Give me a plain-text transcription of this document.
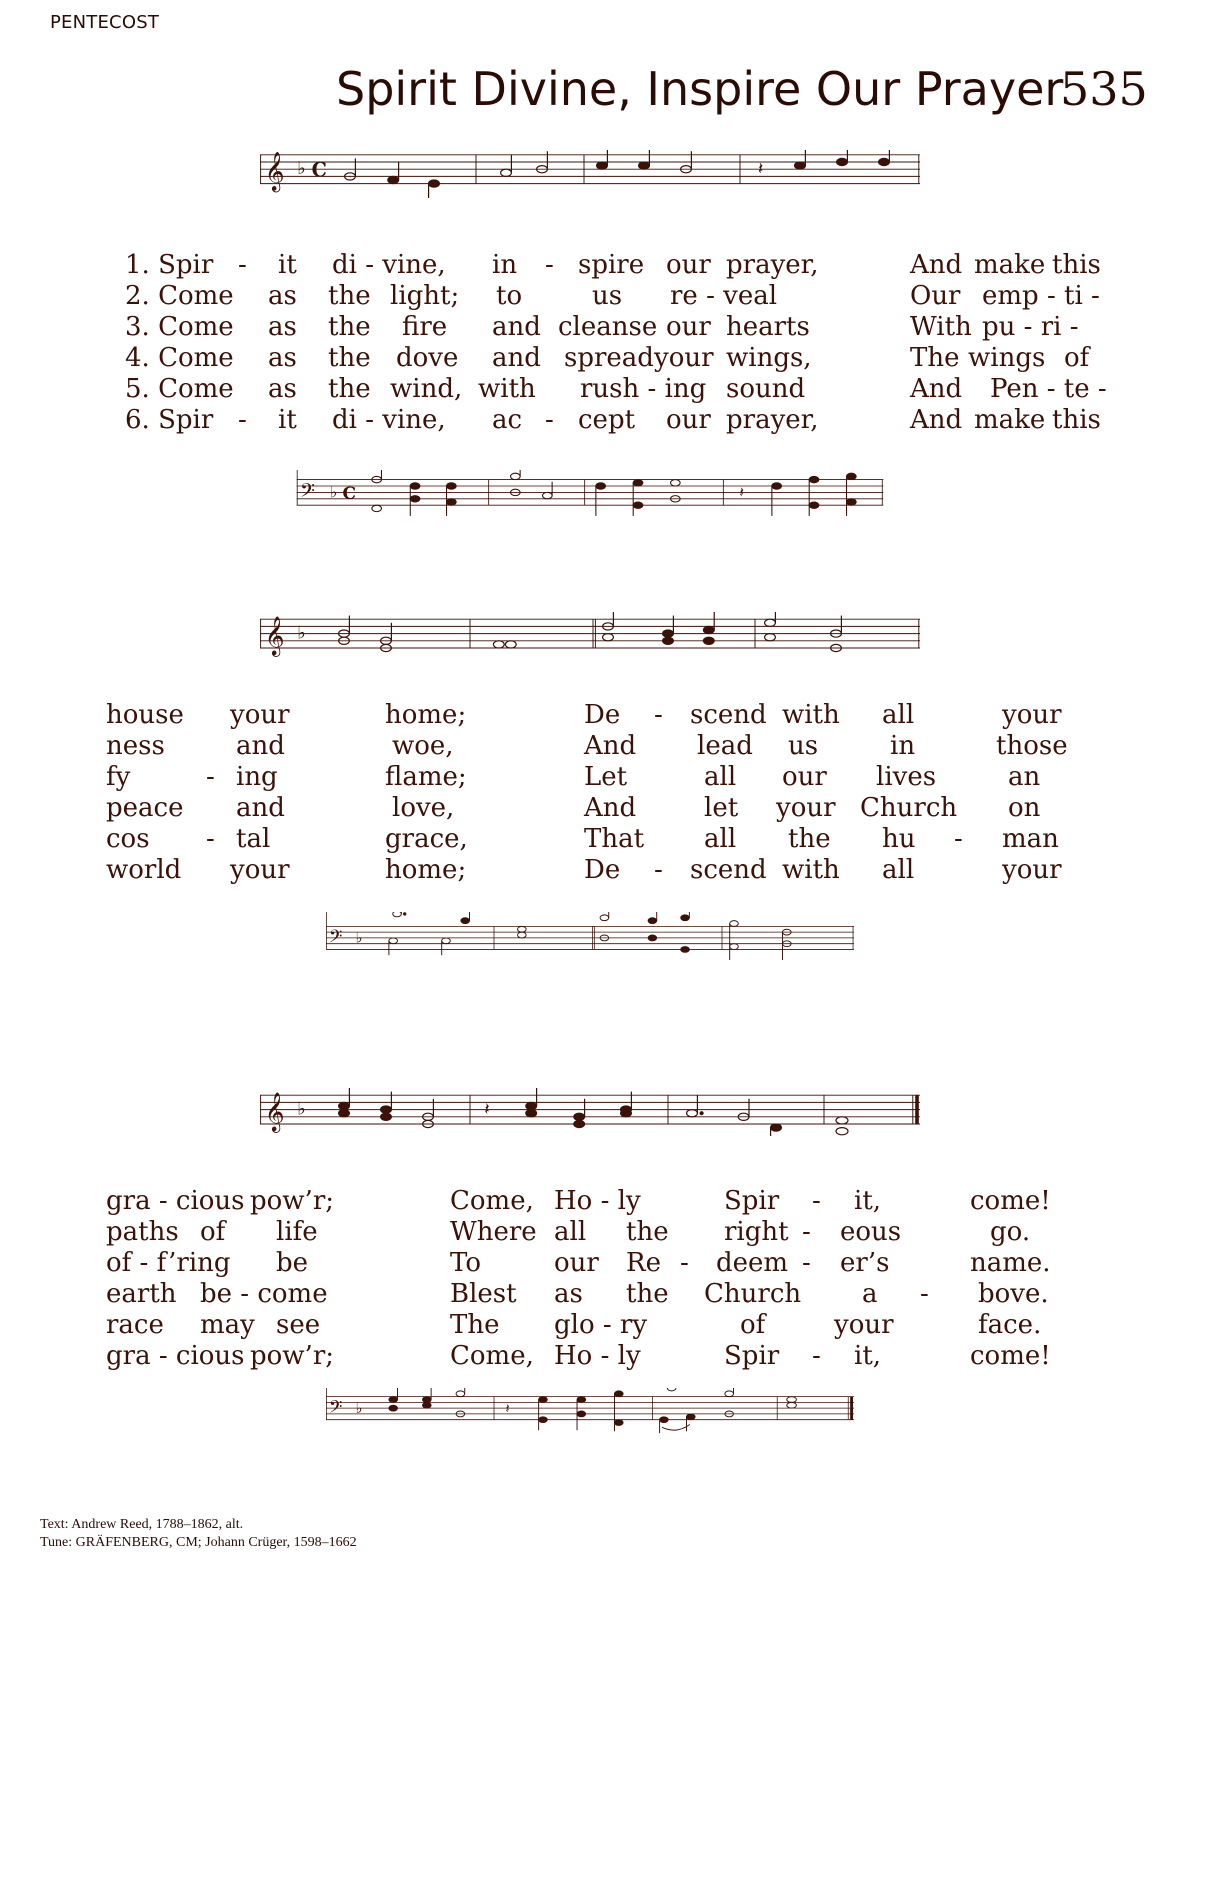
PENTECOST
Spirit Divine, Inspire Our Prayer
535
𝄞 ♭ C	𝄽
1. Spir - it di - vine, in - spire our prayer,	And make this
2. Come as the light; to	us re - veal	Our emp - ti -
3. Come as the fire and cleanse our hearts	With pu - ri -
4. Come as the dove and spread your wings,	The wings of
5. Come as the wind, with rush - ing sound	And Pen - te -
6. Spir - it di - vine, ac - cept our prayer,	And make this
𝄢 ♭ C	𝄽
𝄞 ♭
house your	home;	De - scend with all	your
ness	and	woe,	And lead us	in	those
fy	- ing	flame;	Let	all our lives	an
peace and	love,	And	let your Church on
cos - tal	grace,	That all the hu - man
world your	home;	De - scend with all	your
𝄢 ♭
𝄞 ♭	𝄽
gra - cious pow’r;	Come, Ho - ly	Spir - it,	come!
paths of life	Where all the right - eous	go.
of - f’ring be	To	our Re - deem - er’s	name.
earth be - come	Blest as the Church a - bove.
race may see	The glo - ry	of	your	face.
gra - cious pow’r;	Come, Ho - ly	Spir - it,	come!
𝄢 ♭	𝄽
Text: Andrew Reed, 1788–1862, alt.
Tune: GRÄFENBERG, CM; Johann Crüger, 1598–1662
